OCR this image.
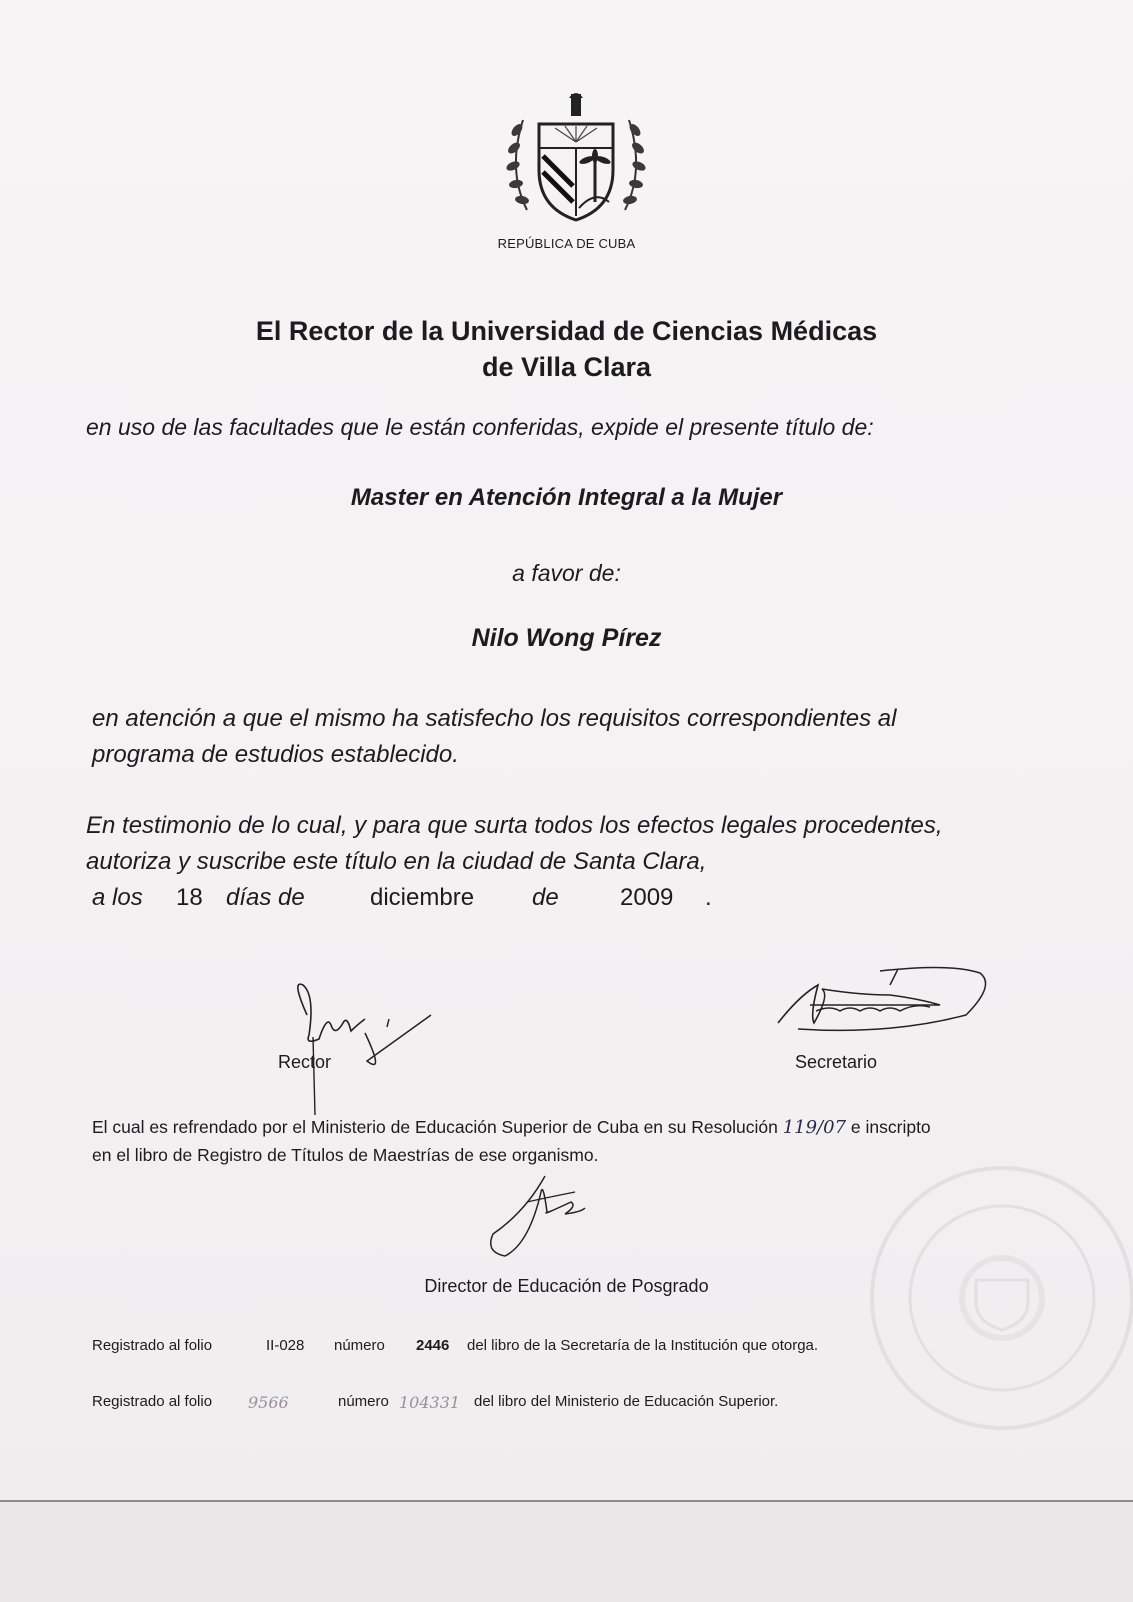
REPÚBLICA DE CUBA
El Rector de la Universidad de Ciencias Médicas
de Villa Clara
en uso de las facultades que le están conferidas, expide el presente título de:
Master en Atención Integral a la Mujer
a favor de:
Nilo Wong Pírez
en atención a que el mismo ha satisfecho los requisitos correspondientes al
programa de estudios establecido.
En testimonio de lo cual, y para que surta todos los efectos legales procedentes,
autoriza y suscribe este título en la ciudad de Santa Clara,
a los 18 días de	diciembre de	2009 .
Rector	Secretario
El cual es refrendado por el Ministerio de Educación Superior de Cuba en su Resolución 119/07 e inscripto
en el libro de Registro de Títulos de Maestrías de ese organismo.
Director de Educación de Posgrado
Registrado al folio	II-028 número 2446 del libro de la Secretaría de la Institución que otorga.
Registrado al folio 9566	número 104331 del libro del Ministerio de Educación Superior.
